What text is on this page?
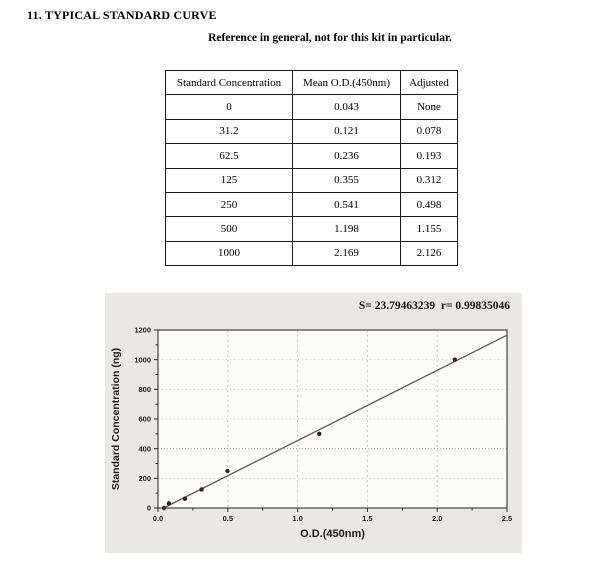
11. TYPICAL STANDARD CURVE
Reference in general, not for this kit in particular.
Standard Concentration	Mean O.D.(450nm)	Adjusted
0	0.043	None
31.2	0.121	0.078
62.5	0.236	0.193
125	0.355	0.312
250	0.541	0.498
500	1.198	1.155
1000	2.169	2.126
0
200
400
600
800
1000
1200
0.0	0.5	1.0	1.5	2.0	2.5
O.D.(450nm)
Standard Concentration (ng)
S= 23.79463239  r= 0.99835046
